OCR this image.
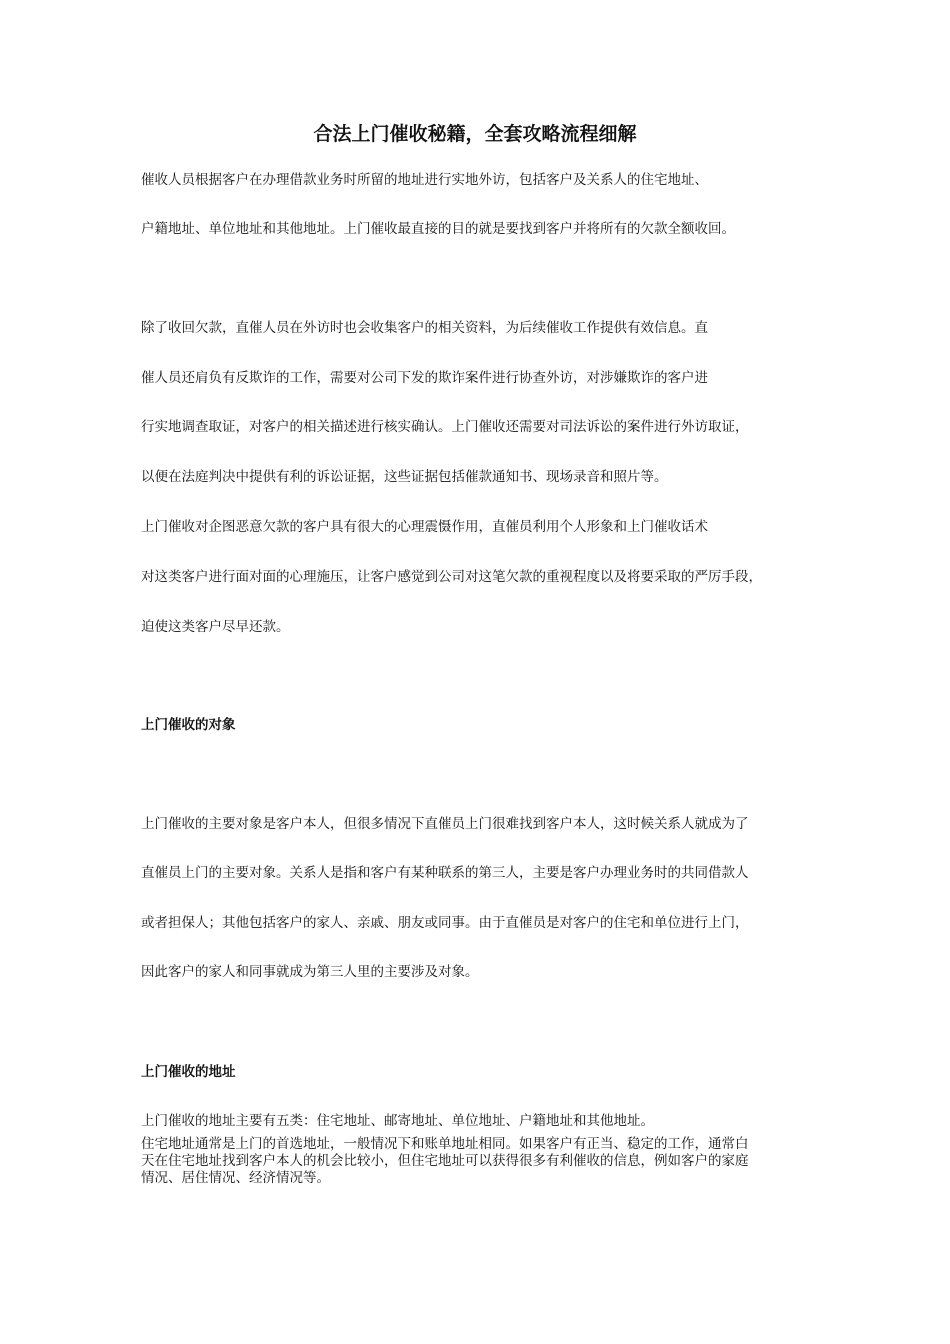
合法上门催收秘籍，全套攻略流程细解

催收人员根据客户在办理借款业务时所留的地址进行实地外访，包括客户及关系人的住宅地址、

户籍地址、单位地址和其他地址。上门催收最直接的目的就是要找到客户并将所有的欠款全额收回。

除了收回欠款，直催人员在外访时也会收集客户的相关资料，为后续催收工作提供有效信息。直

催人员还肩负有反欺诈的工作，需要对公司下发的欺诈案件进行协查外访，对涉嫌欺诈的客户进

行实地调查取证，对客户的相关描述进行核实确认。上门催收还需要对司法诉讼的案件进行外访取证，

以便在法庭判决中提供有利的诉讼证据，这些证据包括催款通知书、现场录音和照片等。

上门催收对企图恶意欠款的客户具有很大的心理震慑作用，直催员利用个人形象和上门催收话术

对这类客户进行面对面的心理施压，让客户感觉到公司对这笔欠款的重视程度以及将要采取的严厉手段，

迫使这类客户尽早还款。

上门催收的对象

上门催收的主要对象是客户本人，但很多情况下直催员上门很难找到客户本人，这时候关系人就成为了

直催员上门的主要对象。关系人是指和客户有某种联系的第三人，主要是客户办理业务时的共同借款人

或者担保人；其他包括客户的家人、亲戚、朋友或同事。由于直催员是对客户的住宅和单位进行上门，

因此客户的家人和同事就成为第三人里的主要涉及对象。

上门催收的地址

上门催收的地址主要有五类：住宅地址、邮寄地址、单位地址、户籍地址和其他地址。

住宅地址通常是上门的首选地址，一般情况下和账单地址相同。如果客户有正当、稳定的工作，通常白
天在住宅地址找到客户本人的机会比较小，但住宅地址可以获得很多有利催收的信息，例如客户的家庭
情况、居住情况、经济情况等。
